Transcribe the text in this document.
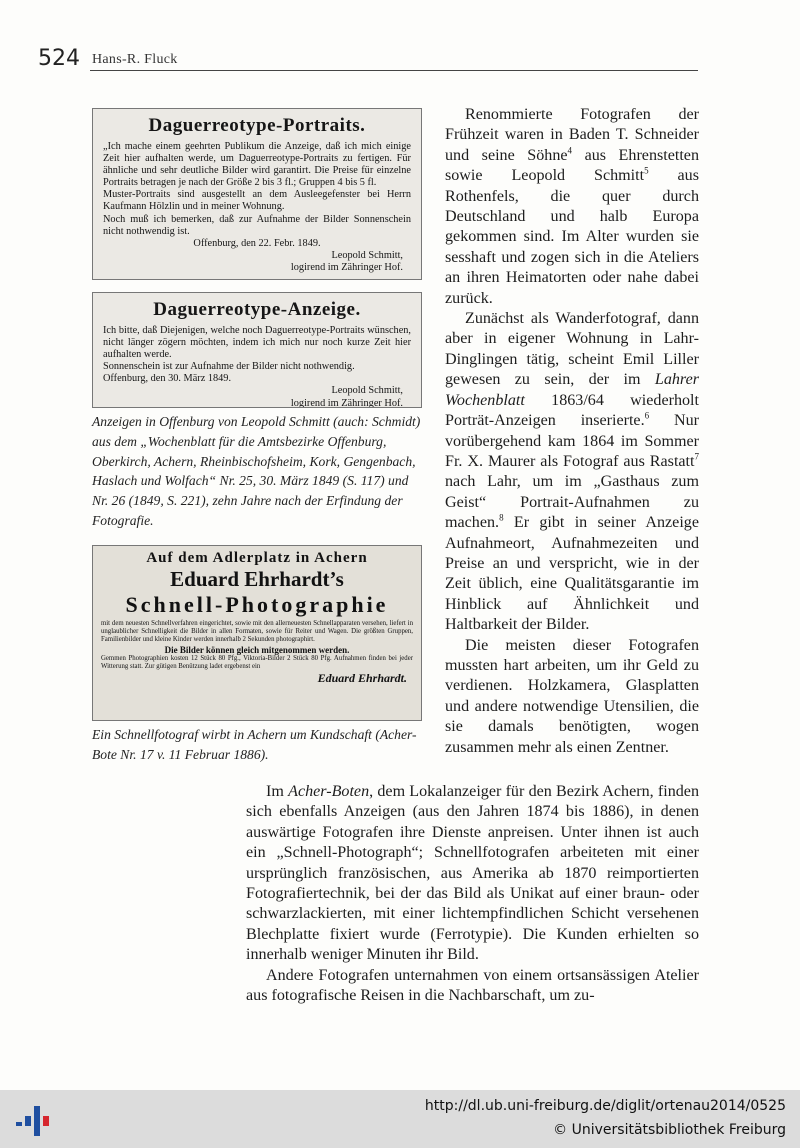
524 Hans-R. Fluck
Daguerreotype-Portraits.
„Ich mache einem geehrten Publikum die Anzeige, daß ich mich einige Zeit hier aufhalten werde, um Daguerreotype-Portraits zu fertigen. Für ähnliche und sehr deutliche Bilder wird garantirt. Die Preise für einzelne Portraits betragen je nach der Größe 2 bis 3 fl.; Gruppen 4 bis 5 fl.
Muster-Portraits sind ausgestellt an dem Ausleegefenster bei Herrn Kaufmann Hölzlin und in meiner Wohnung.
Noch muß ich bemerken, daß zur Aufnahme der Bilder Sonnenschein nicht nothwendig ist.
Offenburg, den 22. Febr. 1849.
Leopold Schmitt,
logirend im Zähringer Hof.
Daguerreotype-Anzeige.
Ich bitte, daß Diejenigen, welche noch Daguerreotype-Portraits wünschen, nicht länger zögern möchten, indem ich mich nur noch kurze Zeit hier aufhalten werde.
Sonnenschein ist zur Aufnahme der Bilder nicht nothwendig.
Offenburg, den 30. März 1849.
Leopold Schmitt,
logirend im Zähringer Hof.
Anzeigen in Offenburg von Leopold Schmitt (auch: Schmidt) aus dem „Wochenblatt für die Amtsbezirke Offenburg, Oberkirch, Achern, Rheinbischofsheim, Kork, Gengenbach, Haslach und Wolfach“ Nr. 25, 30. März 1849 (S. 117) und Nr. 26 (1849, S. 221), zehn Jahre nach der Erfindung der Fotografie.
Auf dem Adlerplatz in Achern
Eduard Ehrhardt’s
Schnell-Photographie
mit dem neuesten Schnellverfahren eingerichtet, sowie mit den allerneuesten Schnellapparaten versehen, liefert in unglaublicher Schnelligkeit die Bilder in allen Formaten, sowie für Reiter und Wagen. Die größten Gruppen, Familienbilder und kleine Kinder werden innerhalb 2 Sekunden photographirt.
Die Bilder können gleich mitgenommen werden.
Gemmen Photographien kosten 12 Stück 80 Pfg., Viktoria-Bilder 2 Stück 80 Pfg. Aufnahmen finden bei jeder Witterung statt. Zur gütigen Benützung ladet ergebenst ein
Eduard Ehrhardt.
Ein Schnellfotograf wirbt in Achern um Kundschaft (Acher-Bote Nr. 17 v. 11 Februar 1886).

Renommierte Fotografen der Frühzeit waren in Baden T. Schneider und seine Söhne$^4$ aus Ehrenstetten sowie Leopold Schmitt$^5$ aus Rothenfels, die quer durch Deutschland und halb Europa gekommen sind. Im Alter wurden sie sesshaft und zogen sich in die Ateliers an ihren Heimatorten oder nahe dabei zurück.

Zunächst als Wanderfotograf, dann aber in eigener Wohnung in Lahr-Dinglingen tätig, scheint Emil Liller gewesen zu sein, der im Lahrer Wochenblatt 1863/64 wiederholt Porträt-Anzeigen inserierte.$^6$ Nur vorübergehend kam 1864 im Sommer Fr. X. Maurer als Fotograf aus Rastatt$^7$ nach Lahr, um im „Gasthaus zum Geist“ Portrait-Aufnahmen zu machen.$^8$ Er gibt in seiner Anzeige Aufnahmeort, Aufnahmezeiten und Preise an und verspricht, wie in der Zeit üblich, eine Qualitätsgarantie im Hinblick auf Ähnlichkeit und Haltbarkeit der Bilder.

Die meisten dieser Fotografen mussten hart arbeiten, um ihr Geld zu verdienen. Holzkamera, Glasplatten und andere notwendige Utensilien, die sie damals benötigten, wogen zusammen mehr als einen Zentner.

Im Acher-Boten, dem Lokalanzeiger für den Bezirk Achern, finden sich ebenfalls Anzeigen (aus den Jahren 1874 bis 1886), in denen auswärtige Fotografen ihre Dienste anpreisen. Unter ihnen ist auch ein „Schnell-Photograph“; Schnellfotografen arbeiteten mit einer ursprünglich französischen, aus Amerika ab 1870 reimportierten Fotografiertechnik, bei der das Bild als Unikat auf einer braun- oder schwarzlackierten, mit einer lichtempfindlichen Schicht versehenen Blechplatte fixiert wurde (Ferrotypie). Die Kunden erhielten so innerhalb weniger Minuten ihr Bild.

Andere Fotografen unternahmen von einem ortsansässigen Atelier aus fotografische Reisen in die Nachbarschaft, um zu-

http://dl.ub.uni-freiburg.de/diglit/ortenau2014/0525
© Universitätsbibliothek Freiburg
